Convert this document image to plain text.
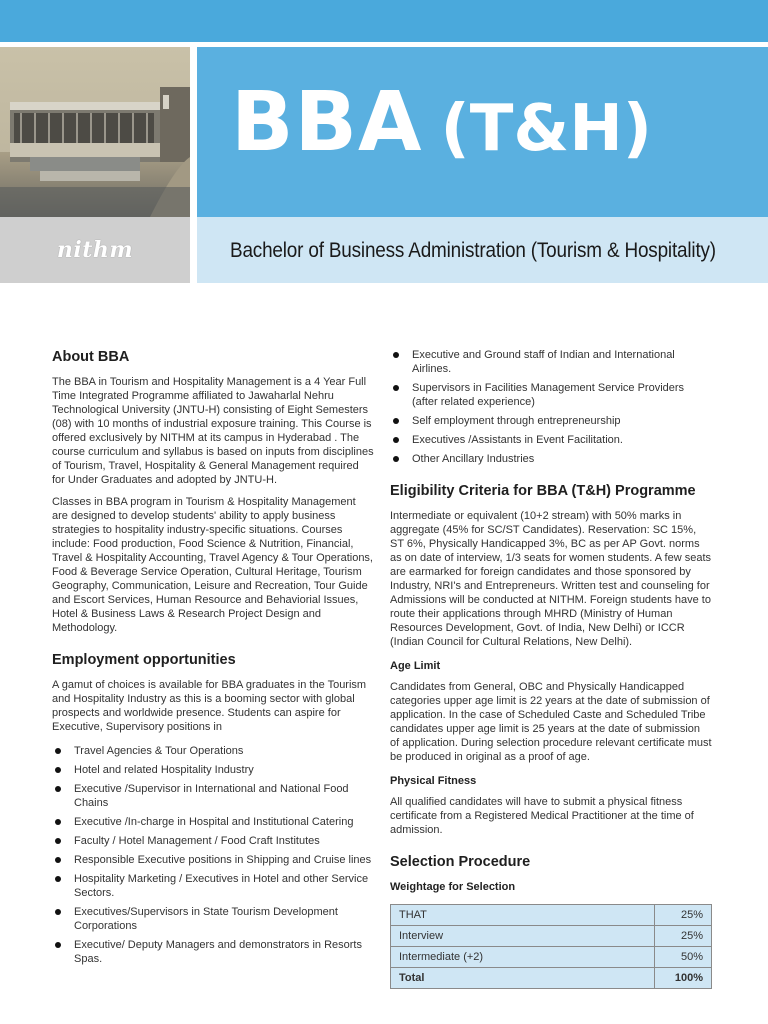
nithm
BBA (T&H)
Bachelor of Business Administration (Tourism & Hospitality)
About BBA

The BBA in Tourism and Hospitality Management is a 4 Year Full Time Integrated Programme affiliated to Jawaharlal Nehru Technological University (JNTU-H) consisting of Eight Semesters (08) with 10 months of industrial exposure training. This Course is offered exclusively by NITHM at its campus in Hyderabad . The course curriculum and syllabus is based on inputs from disciplines of Tourism, Travel, Hospitality & General Management required for Under Graduates and adopted by JNTU-H.

Classes in BBA program in Tourism & Hospitality Management are designed to develop students' ability to apply business strategies to hospitality industry-specific situations. Courses include: Food production, Food Science & Nutrition, Financial, Travel & Hospitality Accounting, Travel Agency & Tour Operations, Food & Beverage Service Operation, Cultural Heritage, Tourism Geography, Communication, Leisure and Recreation, Tour Guide and Escort Services, Human Resource and Behaviorial Issues, Hotel & Business Laws & Research Project Design and Methodology.

Employment opportunities

A gamut of choices is available for BBA graduates in the Tourism and Hospitality Industry as this is a booming sector with global prospects and worldwide presence. Students can aspire for Executive, Supervisory positions in

Travel Agencies & Tour Operations
Hotel and related Hospitality Industry
Executive /Supervisor in International and National Food Chains
Executive /In-charge in Hospital and Institutional Catering
Faculty / Hotel Management / Food Craft Institutes
Responsible Executive positions in Shipping and Cruise lines
Hospitality Marketing / Executives in Hotel and other Service Sectors.
Executives/Supervisors in State Tourism Development Corporations
Executive/ Deputy Managers and demonstrators in Resorts Spas.
Executive and Ground staff of Indian and International Airlines.
Supervisors in Facilities Management Service Providers (after related experience)
Self employment through entrepreneurship
Executives /Assistants in Event Facilitation.
Other Ancillary Industries
Eligibility Criteria for BBA (T&H) Programme

Intermediate or equivalent (10+2 stream) with 50% marks in aggregate (45% for SC/ST Candidates). Reservation: SC 15%, ST 6%, Physically Handicapped 3%, BC as per AP Govt. norms as on date of interview, 1/3 seats for women students. A few seats are earmarked for foreign candidates and those sponsored by Industry, NRI's and Entrepreneurs. Written test and counseling for Admissions will be conducted at NITHM. Foreign students have to route their applications through MHRD (Ministry of Human Resources Development, Govt. of India, New Delhi) or ICCR (Indian Council for Cultural Relations, New Delhi).

Age Limit

Candidates from General, OBC and Physically Handicapped categories upper age limit is 22 years at the date of submission of application. In the case of Scheduled Caste and Scheduled Tribe candidates upper age limit is 25 years at the date of submission of application. During selection procedure relevant certificate must be produced in original as a proof of age.

Physical Fitness

All qualified candidates will have to submit a physical fitness certificate from a Registered Medical Practitioner at the time of admission.

Selection Procedure
Weightage for Selection
THAT	25%
Interview	25%
Intermediate (+2)	50%
Total	100%
